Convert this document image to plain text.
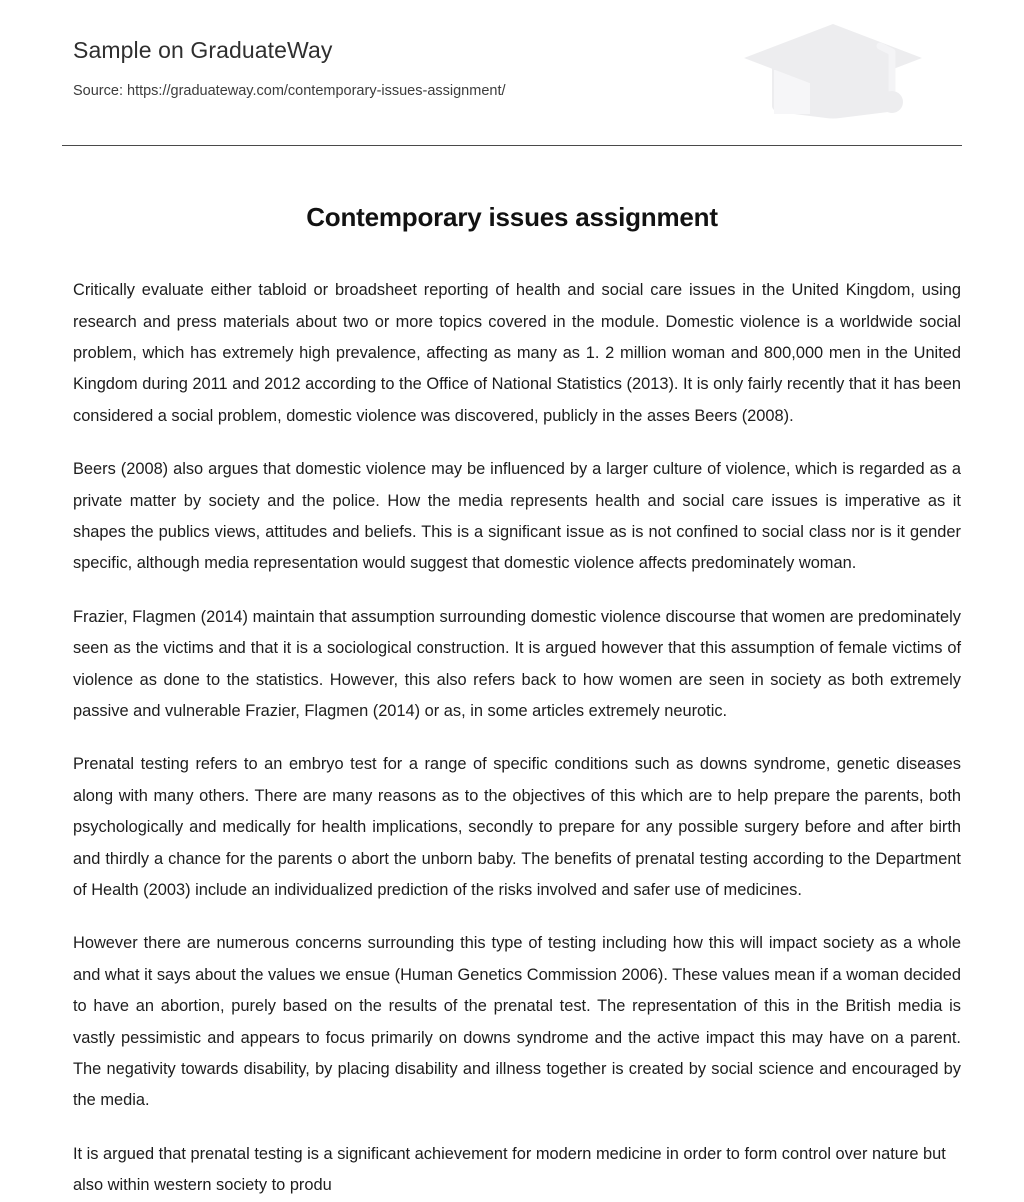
Sample on GraduateWay
Source: https://graduateway.com/contemporary-issues-assignment/
Contemporary issues assignment

Critically evaluate either tabloid or broadsheet reporting of health and social care issues in the United Kingdom, using research and press materials about two or more topics covered in the module. Domestic violence is a worldwide social problem, which has extremely high prevalence, affecting as many as 1. 2 million woman and 800,000 men in the United Kingdom during 2011 and 2012 according to the Office of National Statistics (2013). It is only fairly recently that it has been considered a social problem, domestic violence was discovered, publicly in the asses Beers (2008).

Beers (2008) also argues that domestic violence may be influenced by a larger culture of violence, which is regarded as a private matter by society and the police. How the media represents health and social care issues is imperative as it shapes the publics views, attitudes and beliefs. This is a significant issue as is not confined to social class nor is it gender specific, although media representation would suggest that domestic violence affects predominately woman.

Frazier, Flagmen (2014) maintain that assumption surrounding domestic violence discourse that women are predominately seen as the victims and that it is a sociological construction. It is argued however that this assumption of female victims of violence as done to the statistics. However, this also refers back to how women are seen in society as both extremely passive and vulnerable Frazier, Flagmen (2014) or as, in some articles extremely neurotic.

Prenatal testing refers to an embryo test for a range of specific conditions such as downs syndrome, genetic diseases along with many others. There are many reasons as to the objectives of this which are to help prepare the parents, both psychologically and medically for health implications, secondly to prepare for any possible surgery before and after birth and thirdly a chance for the parents o abort the unborn baby. The benefits of prenatal testing according to the Department of Health (2003) include an individualized prediction of the risks involved and safer use of medicines.

However there are numerous concerns surrounding this type of testing including how this will impact society as a whole and what it says about the values we ensue (Human Genetics Commission 2006). These values mean if a woman decided to have an abortion, purely based on the results of the prenatal test. The representation of this in the British media is vastly pessimistic and appears to focus primarily on downs syndrome and the active impact this may have on a parent. The negativity towards disability, by placing disability and illness together is created by social science and encouraged by the media.

It is argued that prenatal testing is a significant achievement for modern medicine in order to form control over nature but also within western society to produ
